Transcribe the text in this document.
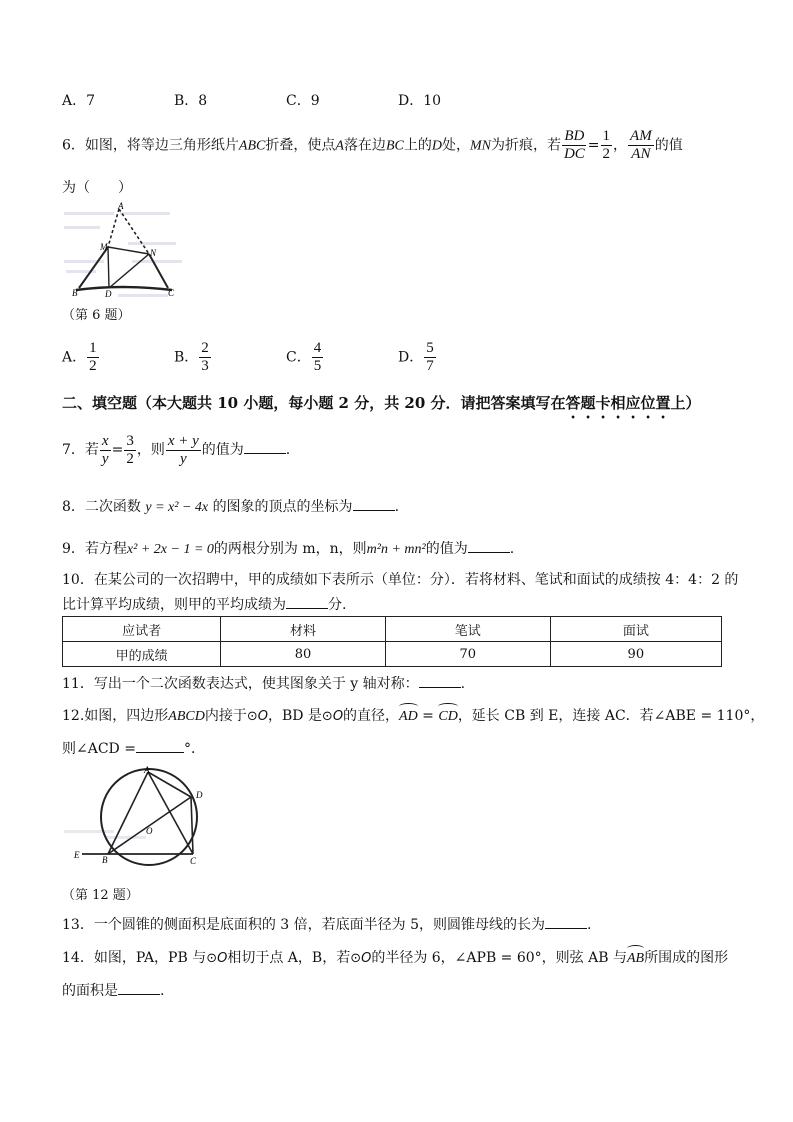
A．7	B．8	C．9	D．10
6．如图，将等边三角形纸片ABC折叠，使点A落在边BC上的D处，MN为折痕，若 $\frac{BD}{DC} = \frac{1}{2}$ ， $\frac{AM}{AN}$ 的值
为（　　）
A
M
N
B	D	C
（第 6 题）
A． $\frac{1}{2}$	B． $\frac{2}{3}$	C． $\frac{4}{5}$	D． $\frac{5}{7}$
二、填空题（本大题共 10 小题，每小题 2 分，共 20 分．请把答案填写在答题卡相应位置上）
7．若 $\frac{x}{y} = \frac{3}{2}$ ，则 $\frac{x + y}{y}$ 的值为	.
8．二次函数 y = x² − 4x 的图象的顶点的坐标为	.
9．若方程x² + 2x − 1 = 0的两根分别为 m，n，则m²n + mn²的值为	.
10．在某公司的一次招聘中，甲的成绩如下表所示（单位：分）．若将材料、笔试和面试的成绩按 4：4：2 的
比计算平均成绩，则甲的平均成绩为	分.
应试者	材料	笔试	面试
甲的成绩	80	70	90
11．写出一个二次函数表达式，使其图象关于 y 轴对称：	.
12.如图，四边形ABCD内接于⊙O，BD 是⊙O的直径，AD = CD，延长 CB 到 E，连接 AC．若∠ABE = 110°，
则∠ACD =	°．
A
D
O
E	B	C
（第 12 题）
13．一个圆锥的侧面积是底面积的 3 倍，若底面半径为 5，则圆锥母线的长为	.
14．如图，PA，PB 与⊙O相切于点 A，B，若⊙O的半径为 6，∠APB = 60°，则弦 AB 与AB所围成的图形
的面积是	.
